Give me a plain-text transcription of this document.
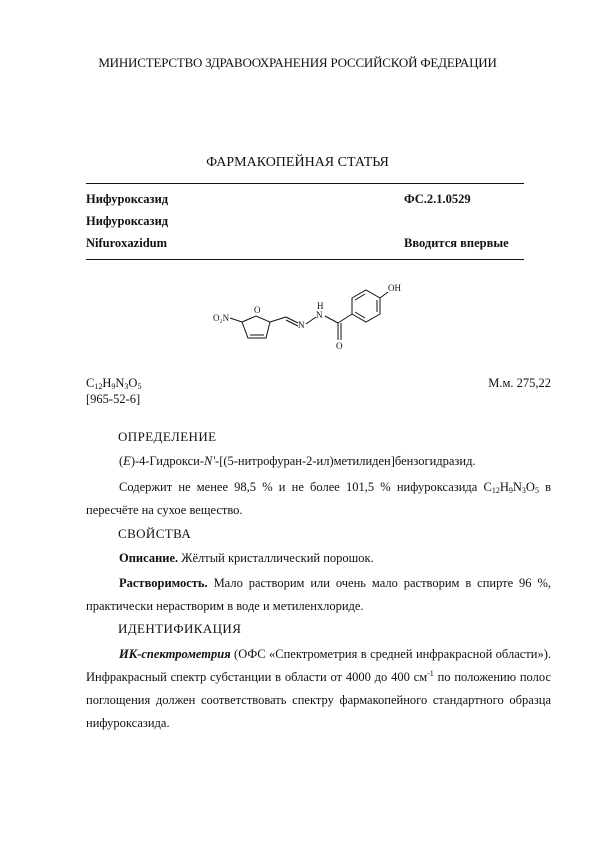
МИНИСТЕРСТВО ЗДРАВООХРАНЕНИЯ РОССИЙСКОЙ ФЕДЕРАЦИИ
ФАРМАКОПЕЙНАЯ СТАТЬЯ
Нифуроксазид	ФС.2.1.0529
Нифуроксазид
Nifuroxazidum	Вводится впервые
O₂N
O
N
N
H
O
OH
$C_{12}H_9N_3O_5$	М.м. 275,22
[965-52-6]
ОПРЕДЕЛЕНИЕ
(E)-4-Гидрокси-N'-[(5-нитрофуран-2-ил)метилиден]бензогидразид.
Содержит не менее 98,5 % и не более 101,5 % нифуроксазида $C_{12}H_9N_3O_5$ в пересчёте на сухое вещество.
СВОЙСТВА
Описание. Жёлтый кристаллический порошок.
Растворимость. Мало растворим или очень мало растворим в спирте 96 %, практически нерастворим в воде и метиленхлориде.
ИДЕНТИФИКАЦИЯ
ИК-спектрометрия (ОФС «Спектрометрия в средней инфракрасной области»). Инфракрасный спектр субстанции в области от 4000 до 400 $см^{-1}$ по положению полос поглощения должен соответствовать спектру фармакопейного стандартного образца нифуроксазида.
